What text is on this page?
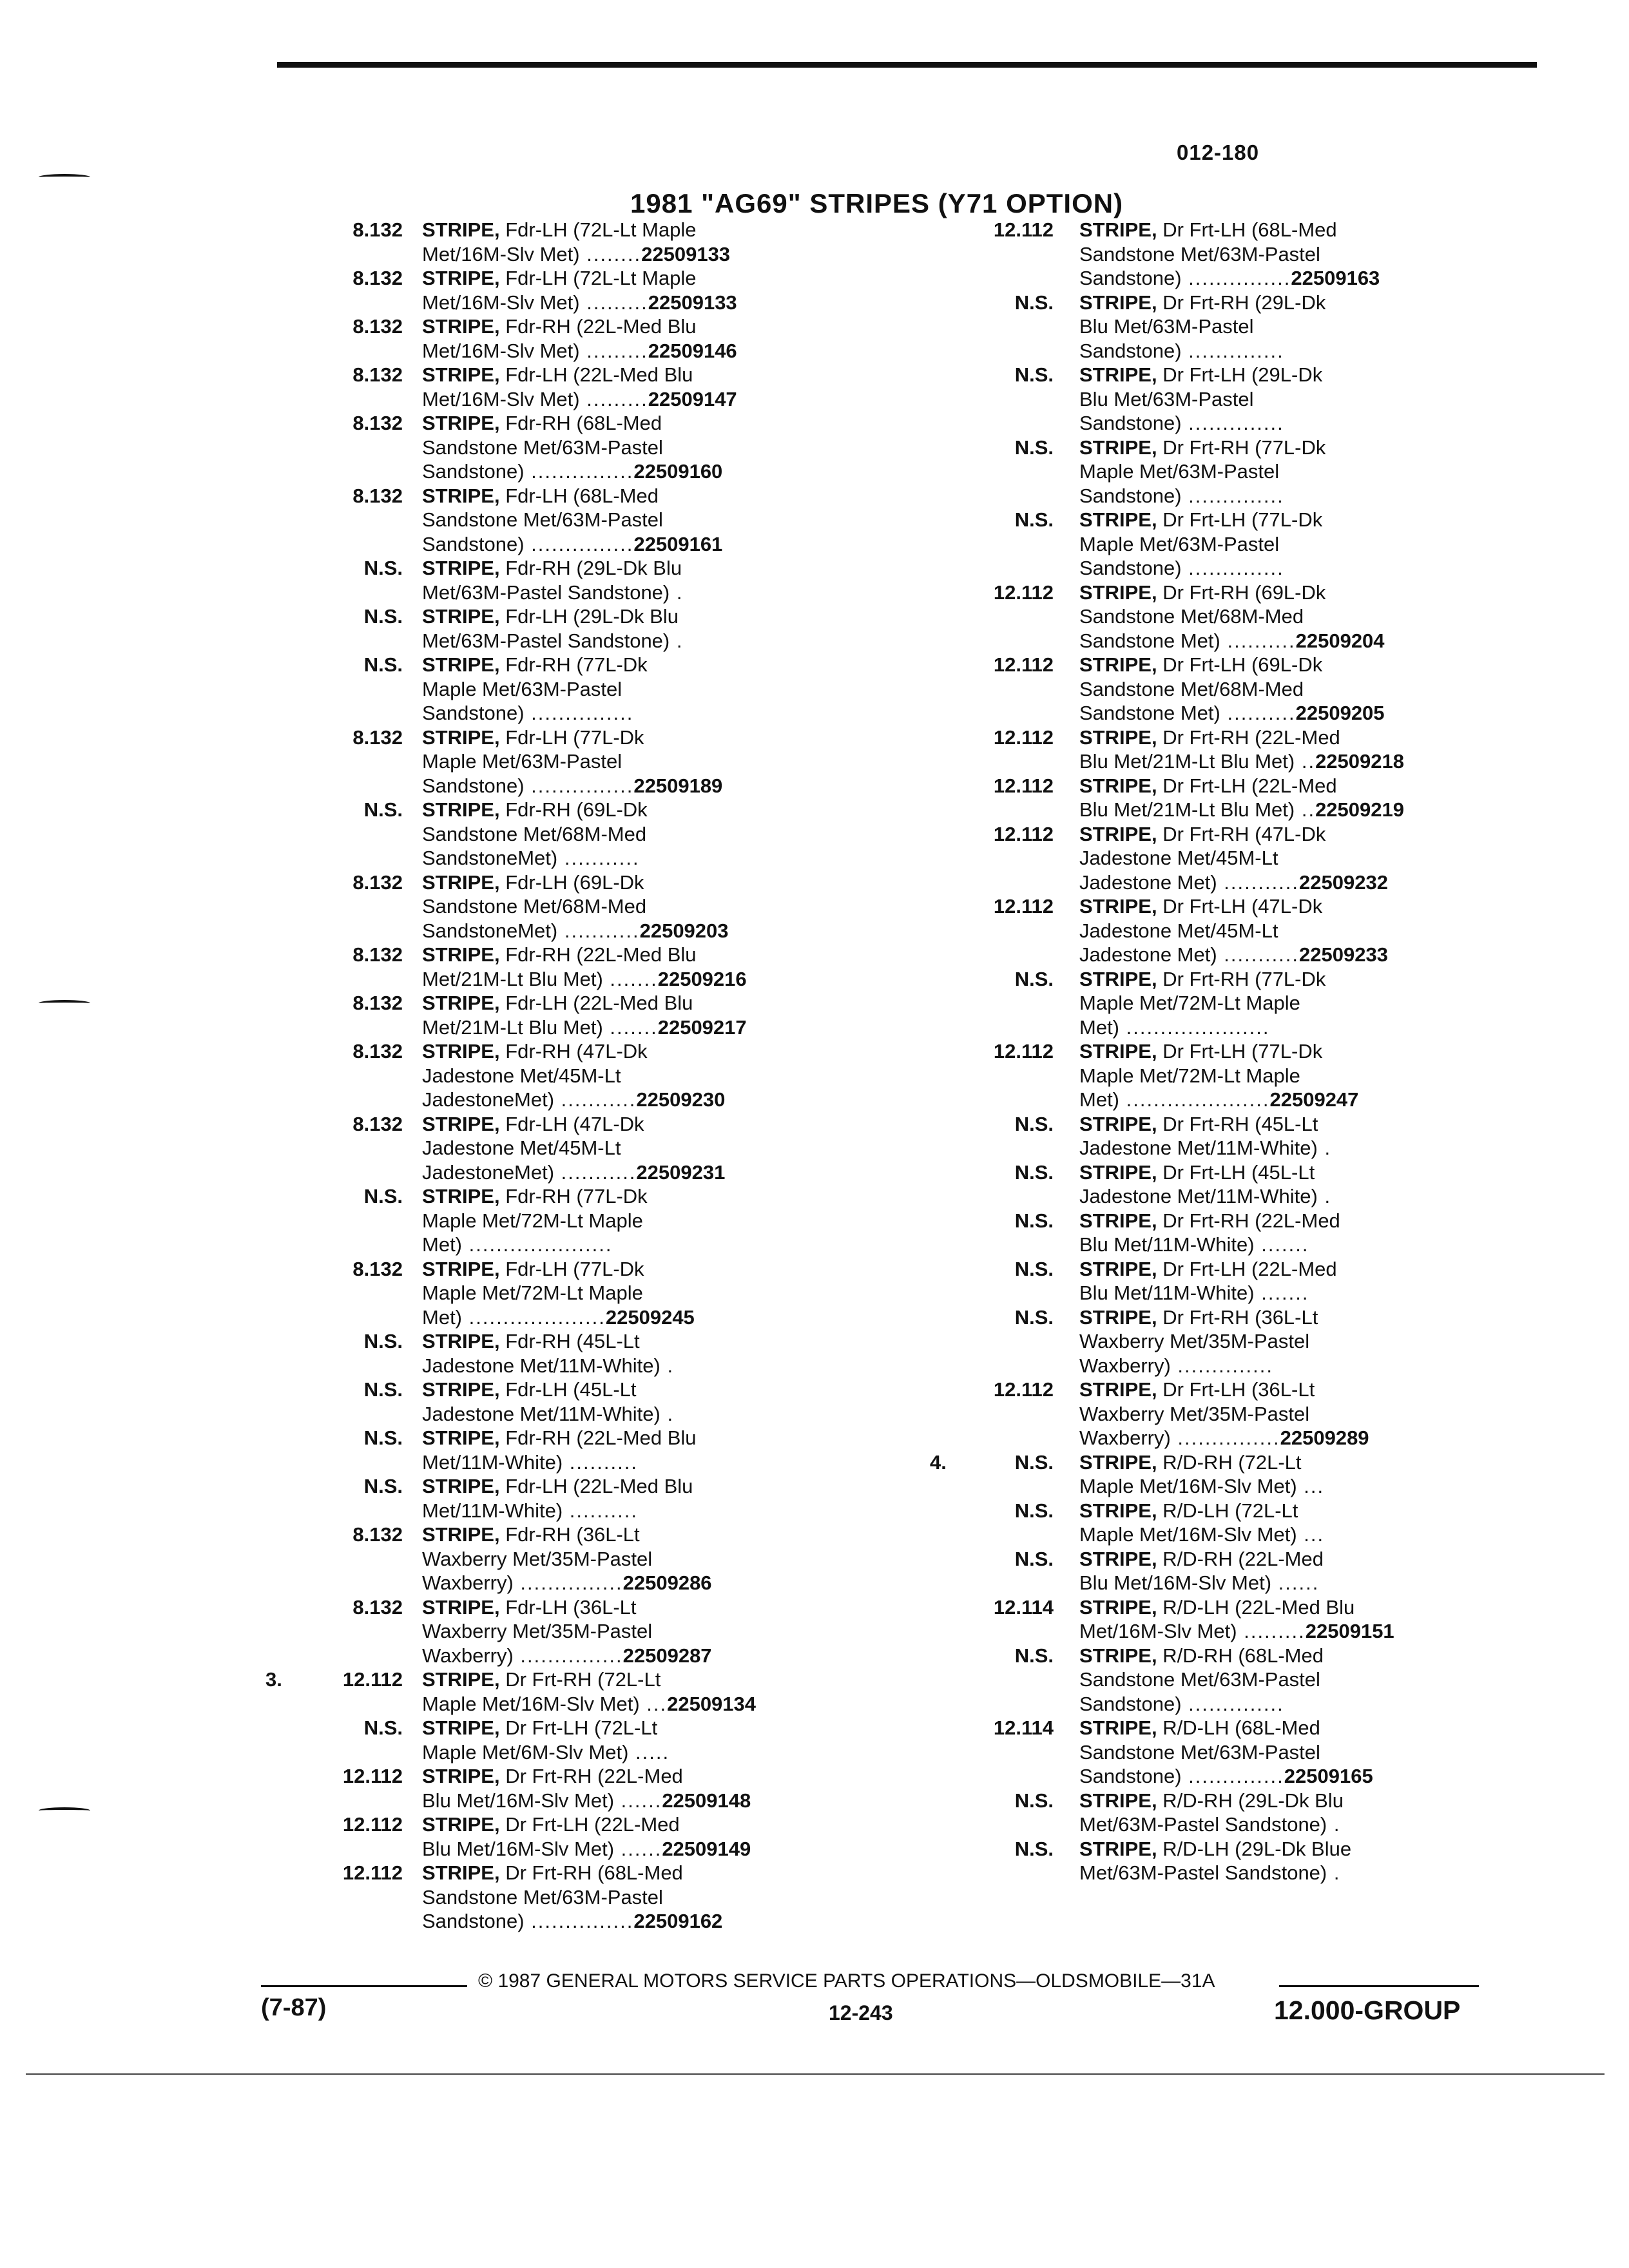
012-180
1981 "AG69" STRIPES (Y71 OPTION)
8.132 STRIPE, Fdr-LH (72L-Lt Maple
Met/16M-Slv Met) ........22509133
8.132 STRIPE, Fdr-LH (72L-Lt Maple
Met/16M-Slv Met) .........22509133
8.132 STRIPE, Fdr-RH (22L-Med Blu
Met/16M-Slv Met) .........22509146
8.132 STRIPE, Fdr-LH (22L-Med Blu
Met/16M-Slv Met) .........22509147
8.132 STRIPE, Fdr-RH (68L-Med
Sandstone Met/63M-Pastel
Sandstone) ...............22509160
8.132 STRIPE, Fdr-LH (68L-Med
Sandstone Met/63M-Pastel
Sandstone) ...............22509161
N.S. STRIPE, Fdr-RH (29L-Dk Blu
Met/63M-Pastel Sandstone) .
N.S. STRIPE, Fdr-LH (29L-Dk Blu
Met/63M-Pastel Sandstone) .
N.S. STRIPE, Fdr-RH (77L-Dk
Maple Met/63M-Pastel
Sandstone) ...............
8.132 STRIPE, Fdr-LH (77L-Dk
Maple Met/63M-Pastel
Sandstone) ...............22509189
N.S. STRIPE, Fdr-RH (69L-Dk
Sandstone Met/68M-Med
SandstoneMet) ...........
8.132 STRIPE, Fdr-LH (69L-Dk
Sandstone Met/68M-Med
SandstoneMet) ...........22509203
8.132 STRIPE, Fdr-RH (22L-Med Blu
Met/21M-Lt Blu Met) .......22509216
8.132 STRIPE, Fdr-LH (22L-Med Blu
Met/21M-Lt Blu Met) .......22509217
8.132 STRIPE, Fdr-RH (47L-Dk
Jadestone Met/45M-Lt
JadestoneMet) ...........22509230
8.132 STRIPE, Fdr-LH (47L-Dk
Jadestone Met/45M-Lt
JadestoneMet) ...........22509231
N.S. STRIPE, Fdr-RH (77L-Dk
Maple Met/72M-Lt Maple
Met) .....................
8.132 STRIPE, Fdr-LH (77L-Dk
Maple Met/72M-Lt Maple
Met) ....................22509245
N.S. STRIPE, Fdr-RH (45L-Lt
Jadestone Met/11M-White) .
N.S. STRIPE, Fdr-LH (45L-Lt
Jadestone Met/11M-White) .
N.S. STRIPE, Fdr-RH (22L-Med Blu
Met/11M-White) ..........
N.S. STRIPE, Fdr-LH (22L-Med Blu
Met/11M-White) ..........
8.132 STRIPE, Fdr-RH (36L-Lt
Waxberry Met/35M-Pastel
Waxberry) ...............22509286
8.132 STRIPE, Fdr-LH (36L-Lt
Waxberry Met/35M-Pastel
Waxberry) ...............22509287
3.	12.112 STRIPE, Dr Frt-RH (72L-Lt
Maple Met/16M-Slv Met) ...22509134
N.S. STRIPE, Dr Frt-LH (72L-Lt
Maple Met/6M-Slv Met) .....
12.112 STRIPE, Dr Frt-RH (22L-Med
Blu Met/16M-Slv Met) ......22509148
12.112 STRIPE, Dr Frt-LH (22L-Med
Blu Met/16M-Slv Met) ......22509149
12.112 STRIPE, Dr Frt-RH (68L-Med
Sandstone Met/63M-Pastel
Sandstone) ...............22509162
12.112 STRIPE, Dr Frt-LH (68L-Med
Sandstone Met/63M-Pastel
Sandstone) ...............22509163
N.S. STRIPE, Dr Frt-RH (29L-Dk
Blu Met/63M-Pastel
Sandstone) ..............
N.S. STRIPE, Dr Frt-LH (29L-Dk
Blu Met/63M-Pastel
Sandstone) ..............
N.S. STRIPE, Dr Frt-RH (77L-Dk
Maple Met/63M-Pastel
Sandstone) ..............
N.S. STRIPE, Dr Frt-LH (77L-Dk
Maple Met/63M-Pastel
Sandstone) ..............
12.112 STRIPE, Dr Frt-RH (69L-Dk
Sandstone Met/68M-Med
Sandstone Met) ..........22509204
12.112 STRIPE, Dr Frt-LH (69L-Dk
Sandstone Met/68M-Med
Sandstone Met) ..........22509205
12.112 STRIPE, Dr Frt-RH (22L-Med
Blu Met/21M-Lt Blu Met) ..22509218
12.112 STRIPE, Dr Frt-LH (22L-Med
Blu Met/21M-Lt Blu Met) ..22509219
12.112 STRIPE, Dr Frt-RH (47L-Dk
Jadestone Met/45M-Lt
Jadestone Met) ...........22509232
12.112 STRIPE, Dr Frt-LH (47L-Dk
Jadestone Met/45M-Lt
Jadestone Met) ...........22509233
N.S. STRIPE, Dr Frt-RH (77L-Dk
Maple Met/72M-Lt Maple
Met) .....................
12.112 STRIPE, Dr Frt-LH (77L-Dk
Maple Met/72M-Lt Maple
Met) .....................22509247
N.S. STRIPE, Dr Frt-RH (45L-Lt
Jadestone Met/11M-White) .
N.S. STRIPE, Dr Frt-LH (45L-Lt
Jadestone Met/11M-White) .
N.S. STRIPE, Dr Frt-RH (22L-Med
Blu Met/11M-White) .......
N.S. STRIPE, Dr Frt-LH (22L-Med
Blu Met/11M-White) .......
N.S. STRIPE, Dr Frt-RH (36L-Lt
Waxberry Met/35M-Pastel
Waxberry) ..............
12.112 STRIPE, Dr Frt-LH (36L-Lt
Waxberry Met/35M-Pastel
Waxberry) ...............22509289
4.	N.S. STRIPE, R/D-RH (72L-Lt
Maple Met/16M-Slv Met) ...
N.S. STRIPE, R/D-LH (72L-Lt
Maple Met/16M-Slv Met) ...
N.S. STRIPE, R/D-RH (22L-Med
Blu Met/16M-Slv Met) ......
12.114 STRIPE, R/D-LH (22L-Med Blu
Met/16M-Slv Met) .........22509151
N.S. STRIPE, R/D-RH (68L-Med
Sandstone Met/63M-Pastel
Sandstone) ..............
12.114 STRIPE, R/D-LH (68L-Med
Sandstone Met/63M-Pastel
Sandstone) ..............22509165
N.S. STRIPE, R/D-RH (29L-Dk Blu
Met/63M-Pastel Sandstone) .
N.S. STRIPE, R/D-LH (29L-Dk Blue
Met/63M-Pastel Sandstone) .
© 1987 GENERAL MOTORS SERVICE PARTS OPERATIONS—OLDSMOBILE—31A
(7-87)	12-243	12.000-GROUP
